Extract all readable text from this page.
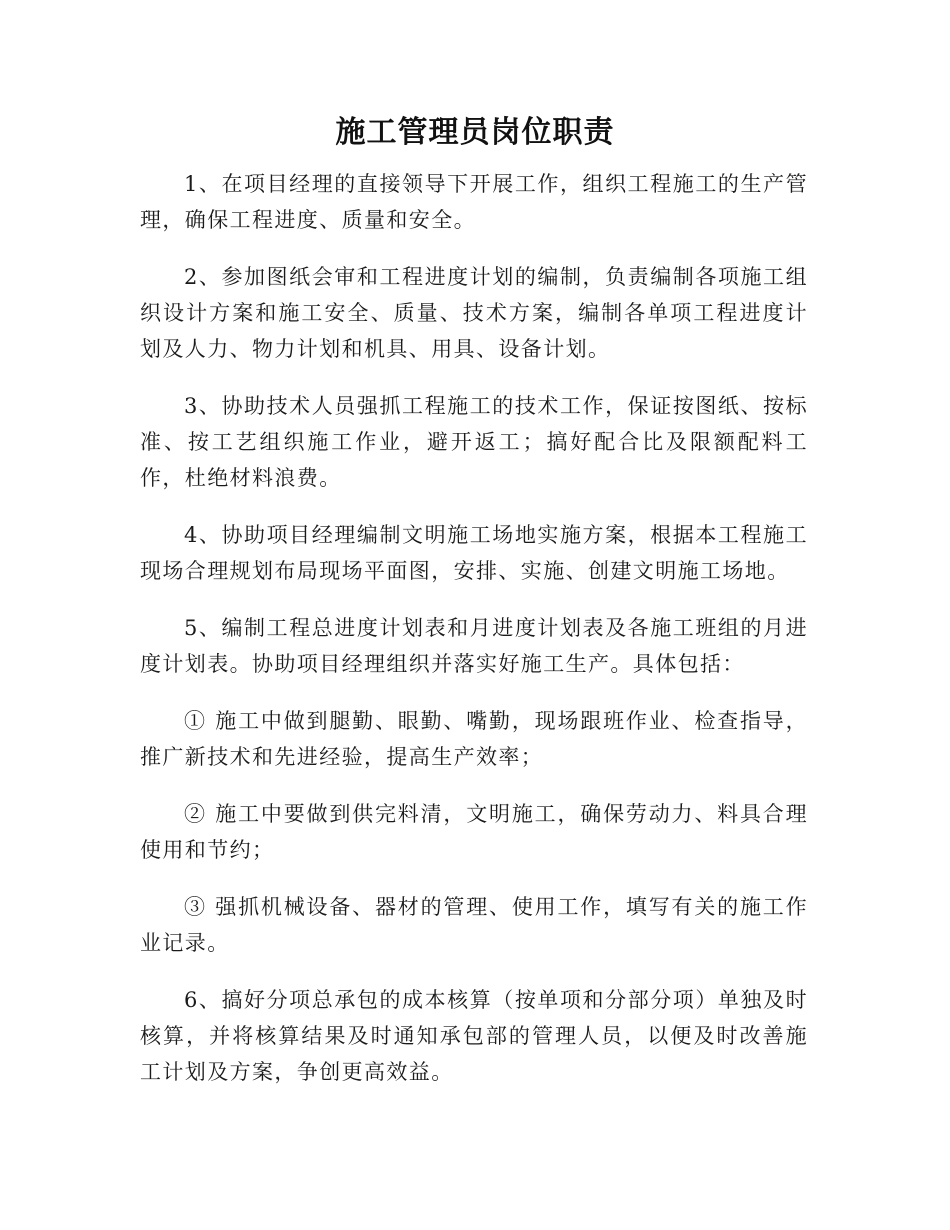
施工管理员岗位职责

1、在项目经理的直接领导下开展工作，组织工程施工的生产管理，确保工程进度、质量和安全。

2、参加图纸会审和工程进度计划的编制，负责编制各项施工组织设计方案和施工安全、质量、技术方案，编制各单项工程进度计划及人力、物力计划和机具、用具、设备计划。

3、协助技术人员强抓工程施工的技术工作，保证按图纸、按标准、按工艺组织施工作业，避开返工；搞好配合比及限额配料工作，杜绝材料浪费。

4、协助项目经理编制文明施工场地实施方案，根据本工程施工现场合理规划布局现场平面图，安排、实施、创建文明施工场地。

5、编制工程总进度计划表和月进度计划表及各施工班组的月进度计划表。协助项目经理组织并落实好施工生产。具体包括：

① 施工中做到腿勤、眼勤、嘴勤，现场跟班作业、检查指导，推广新技术和先进经验，提高生产效率；

② 施工中要做到供完料清，文明施工，确保劳动力、料具合理使用和节约；

③ 强抓机械设备、器材的管理、使用工作，填写有关的施工作业记录。

6、搞好分项总承包的成本核算（按单项和分部分项）单独及时核算，并将核算结果及时通知承包部的管理人员，以便及时改善施工计划及方案，争创更高效益。
